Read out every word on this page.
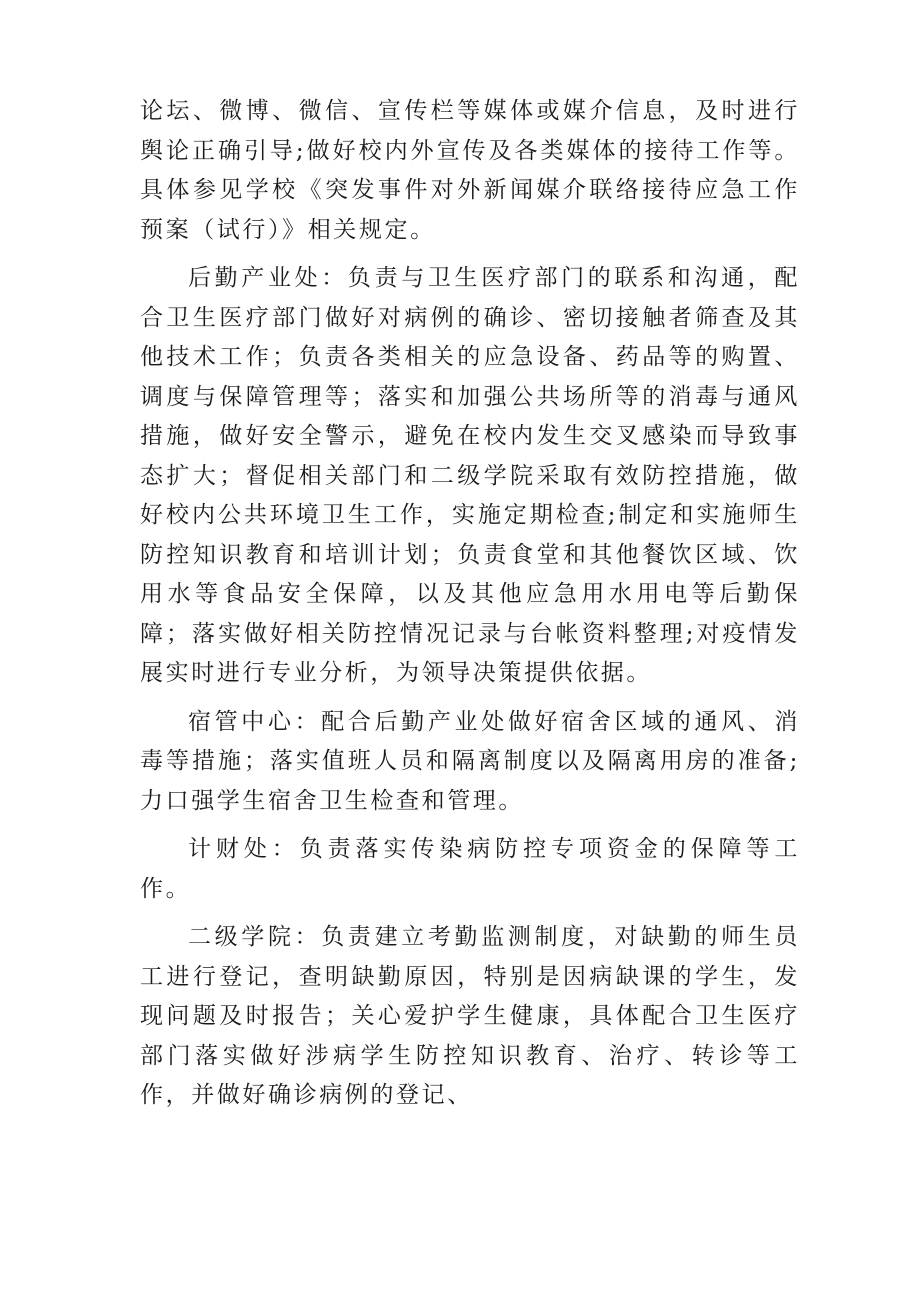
论坛、微博、微信、宣传栏等媒体或媒介信息，及时进行舆论正确引导;做好校内外宣传及各类媒体的接待工作等。具体参见学校《突发事件对外新闻媒介联络接待应急工作预案（试行）》相关规定。

后勤产业处：负责与卫生医疗部门的联系和沟通，配合卫生医疗部门做好对病例的确诊、密切接触者筛查及其他技术工作；负责各类相关的应急设备、药品等的购置、调度与保障管理等；落实和加强公共场所等的消毒与通风措施，做好安全警示，避免在校内发生交叉感染而导致事态扩大；督促相关部门和二级学院采取有效防控措施，做好校内公共环境卫生工作，实施定期检查;制定和实施师生防控知识教育和培训计划；负责食堂和其他餐饮区域、饮用水等食品安全保障，以及其他应急用水用电等后勤保障；落实做好相关防控情况记录与台帐资料整理;对疫情发展实时进行专业分析，为领导决策提供依据。

宿管中心：配合后勤产业处做好宿舍区域的通风、消毒等措施；落实值班人员和隔离制度以及隔离用房的准备;力口强学生宿舍卫生检查和管理。

计财处：负责落实传染病防控专项资金的保障等工作。

二级学院：负责建立考勤监测制度，对缺勤的师生员工进行登记，查明缺勤原因，特别是因病缺课的学生，发现问题及时报告；关心爱护学生健康，具体配合卫生医疗部门落实做好涉病学生防控知识教育、治疗、转诊等工作，并做好确诊病例的登记、
